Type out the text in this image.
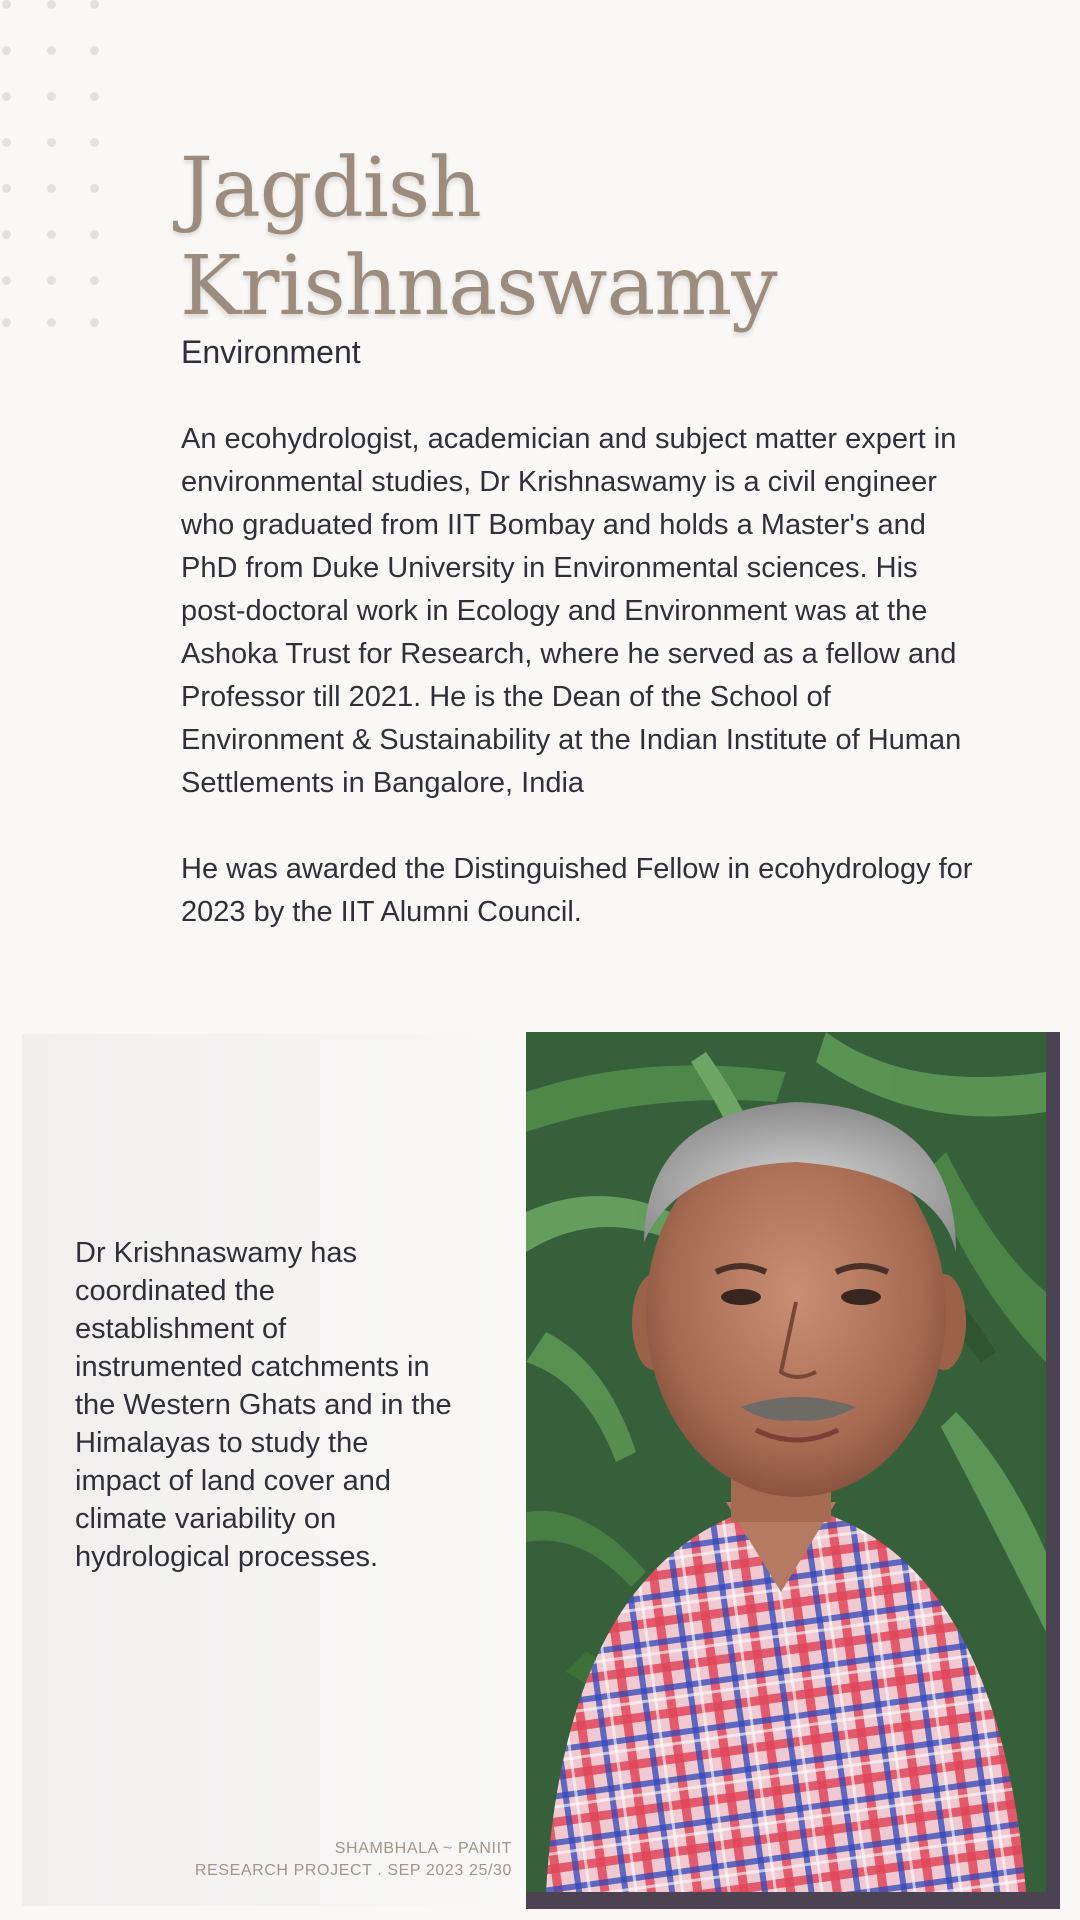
Jagdish
Krishnaswamy
Environment

An ecohydrologist, academician and subject matter expert in environmental studies, Dr Krishnaswamy is a civil engineer who graduated from IIT Bombay and holds a Master's and PhD from Duke University in Environmental sciences. His post-doctoral work in Ecology and Environment was at the Ashoka Trust for Research, where he served as a fellow and Professor till 2021. He is the Dean of the School of Environment & Sustainability at the Indian Institute of Human Settlements in Bangalore, India

He was awarded the Distinguished Fellow in ecohydrology for 2023 by the IIT Alumni Council.

Dr Krishnaswamy has coordinated the establishment of instrumented catchments in the Western Ghats and in the Himalayas to study the impact of land cover and climate variability on hydrological processes.
SHAMBHALA ~ PANIIT
RESEARCH PROJECT . SEP 2023 25/30
